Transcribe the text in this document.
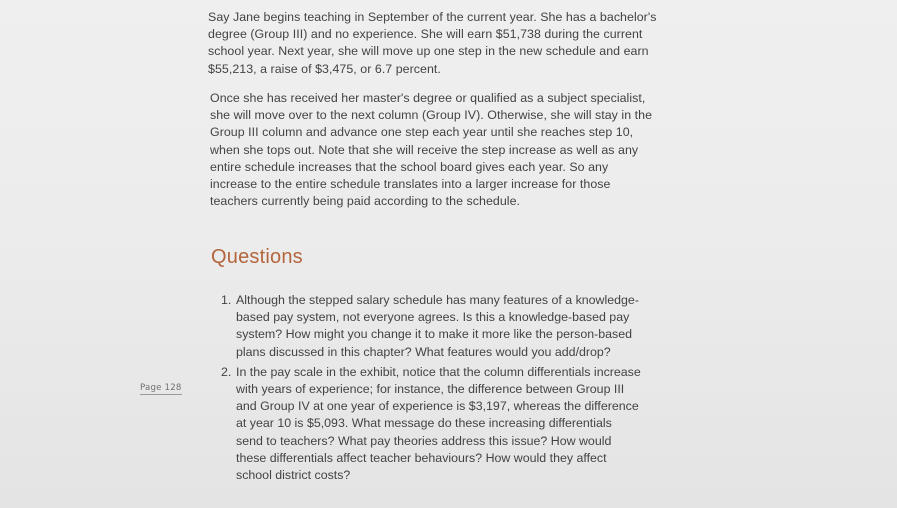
Say Jane begins teaching in September of the current year. She has a bachelor's degree (Group III) and no experience. She will earn $51,738 during the current school year. Next year, she will move up one step in the new schedule and earn $55,213, a raise of $3,475, or 6.7 percent.

Once she has received her master's degree or qualified as a subject specialist, she will move over to the next column (Group IV). Otherwise, she will stay in the Group III column and advance one step each year until she reaches step 10, when she tops out. Note that she will receive the step increase as well as any entire schedule increases that the school board gives each year. So any increase to the entire schedule translates into a larger increase for those teachers currently being paid according to the schedule.

Questions
1. Although the stepped salary schedule has many features of a knowledge-based pay system, not everyone agrees. Is this a knowledge-based pay system? How might you change it to make it more like the person-based plans discussed in this chapter? What features would you add/drop?
2. In the pay scale in the exhibit, notice that the column differentials increase with years of experience; for instance, the difference between Group III and Group IV at one year of experience is $3,197, whereas the difference at year 10 is $5,093. What message do these increasing differentials send to teachers? What pay theories address this issue? How would these differentials affect teacher behaviours? How would they affect school district costs?
Page 128
